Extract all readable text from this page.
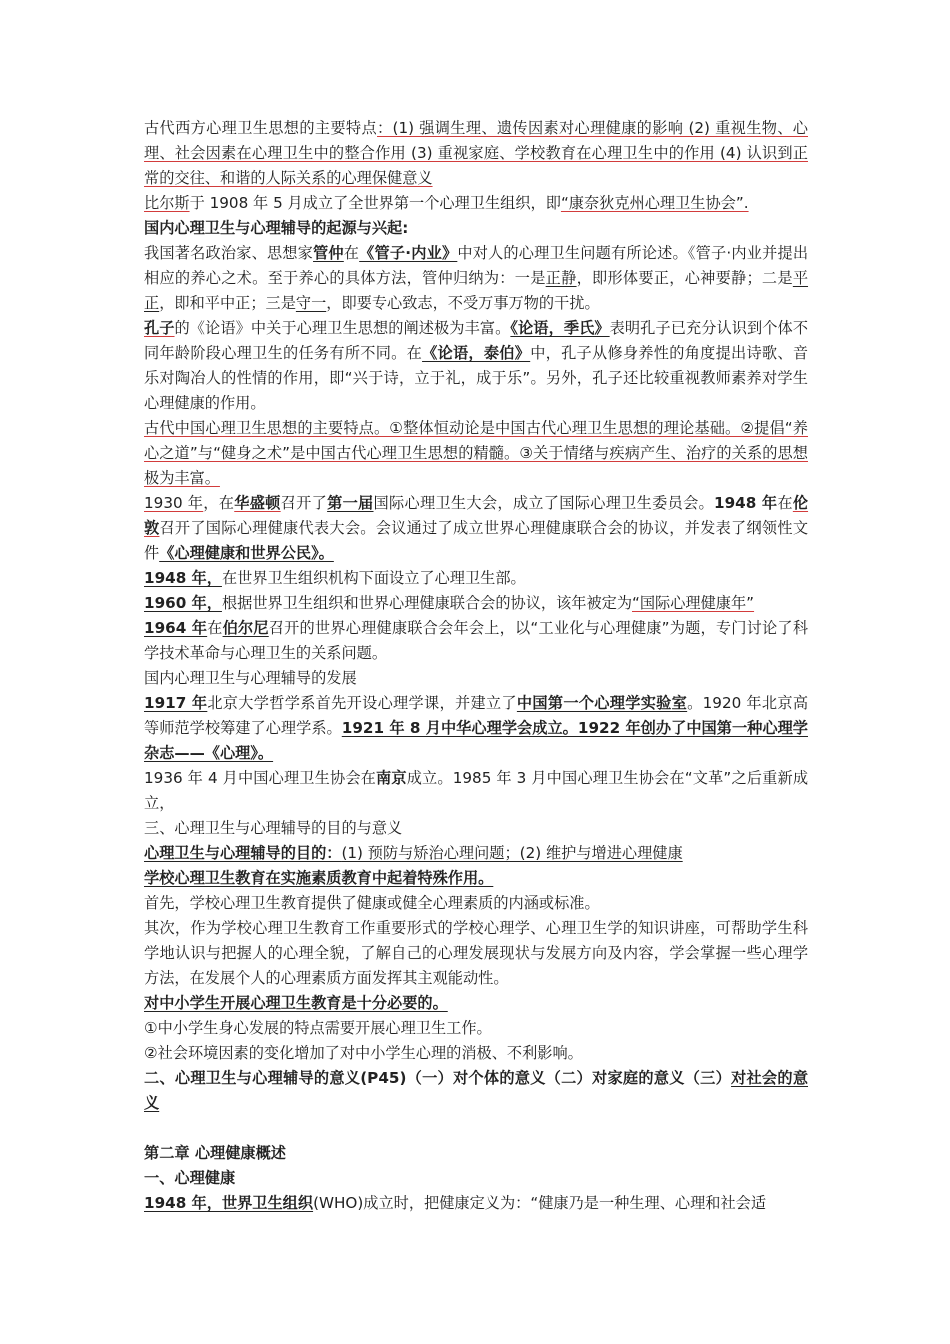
古代西方心理卫生思想的主要特点：(1) 强调生理、遗传因素对心理健康的影响 (2) 重视生物、心理、社会因素在心理卫生中的整合作用 (3) 重视家庭、学校教育在心理卫生中的作用 (4) 认识到正常的交往、和谐的人际关系的心理保健意义

比尔斯于 1908 年 5 月成立了全世界第一个心理卫生组织，即“康奈狄克州心理卫生协会”.

国内心理卫生与心理辅导的起源与兴起:

我国著名政治家、思想家管仲在《管子·内业》中对人的心理卫生问题有所论述。《管子·内业并提出相应的养心之术。至于养心的具体方法，管仲归纳为：一是正静，即形体要正，心神要静；二是平正，即和平中正；三是守一，即要专心致志，不受万事万物的干扰。

孔子的《论语》中关于心理卫生思想的阐述极为丰富。《论语，季氏》表明孔子已充分认识到个体不同年龄阶段心理卫生的任务有所不同。在《论语，泰伯》中，孔子从修身养性的角度提出诗歌、音乐对陶冶人的性情的作用，即“兴于诗，立于礼，成于乐”。另外，孔子还比较重视教师素养对学生心理健康的作用。

古代中国心理卫生思想的主要特点。①整体恒动论是中国古代心理卫生思想的理论基础。②提倡“养心之道”与“健身之术”是中国古代心理卫生思想的精髓。③关于情绪与疾病产生、治疗的关系的思想极为丰富。

1930 年，在华盛顿召开了第一届国际心理卫生大会，成立了国际心理卫生委员会。1948 年在伦敦召开了国际心理健康代表大会。会议通过了成立世界心理健康联合会的协议，并发表了纲领性文件《心理健康和世界公民》。

1948 年，在世界卫生组织机构下面设立了心理卫生部。

1960 年，根据世界卫生组织和世界心理健康联合会的协议，该年被定为“国际心理健康年”

1964 年在伯尔尼召开的世界心理健康联合会年会上，以“工业化与心理健康”为题，专门讨论了科学技术革命与心理卫生的关系问题。

国内心理卫生与心理辅导的发展

1917 年北京大学哲学系首先开设心理学课，并建立了中国第一个心理学实验室。1920 年北京高等师范学校筹建了心理学系。1921 年 8 月中华心理学会成立。1922 年创办了中国第一种心理学杂志——《心理》。

1936 年 4 月中国心理卫生协会在南京成立。1985 年 3 月中国心理卫生协会在“文革”之后重新成立，

三、心理卫生与心理辅导的目的与意义

心理卫生与心理辅导的目的：(1) 预防与矫治心理问题；(2) 维护与增进心理健康

学校心理卫生教育在实施素质教育中起着特殊作用。

首先，学校心理卫生教育提供了健康或健全心理素质的内涵或标准。

其次，作为学校心理卫生教育工作重要形式的学校心理学、心理卫生学的知识讲座，可帮助学生科学地认识与把握人的心理全貌，了解自己的心理发展现状与发展方向及内容，学会掌握一些心理学方法，在发展个人的心理素质方面发挥其主观能动性。

对中小学生开展心理卫生教育是十分必要的。

①中小学生身心发展的特点需要开展心理卫生工作。

②社会环境因素的变化增加了对中小学生心理的消极、不利影响。

二、心理卫生与心理辅导的意义(P45)（一）对个体的意义（二）对家庭的意义（三）对社会的意义

第二章 心理健康概述

一、心理健康

1948 年，世界卫生组织(WHO)成立时，把健康定义为：“健康乃是一种生理、心理和社会适
